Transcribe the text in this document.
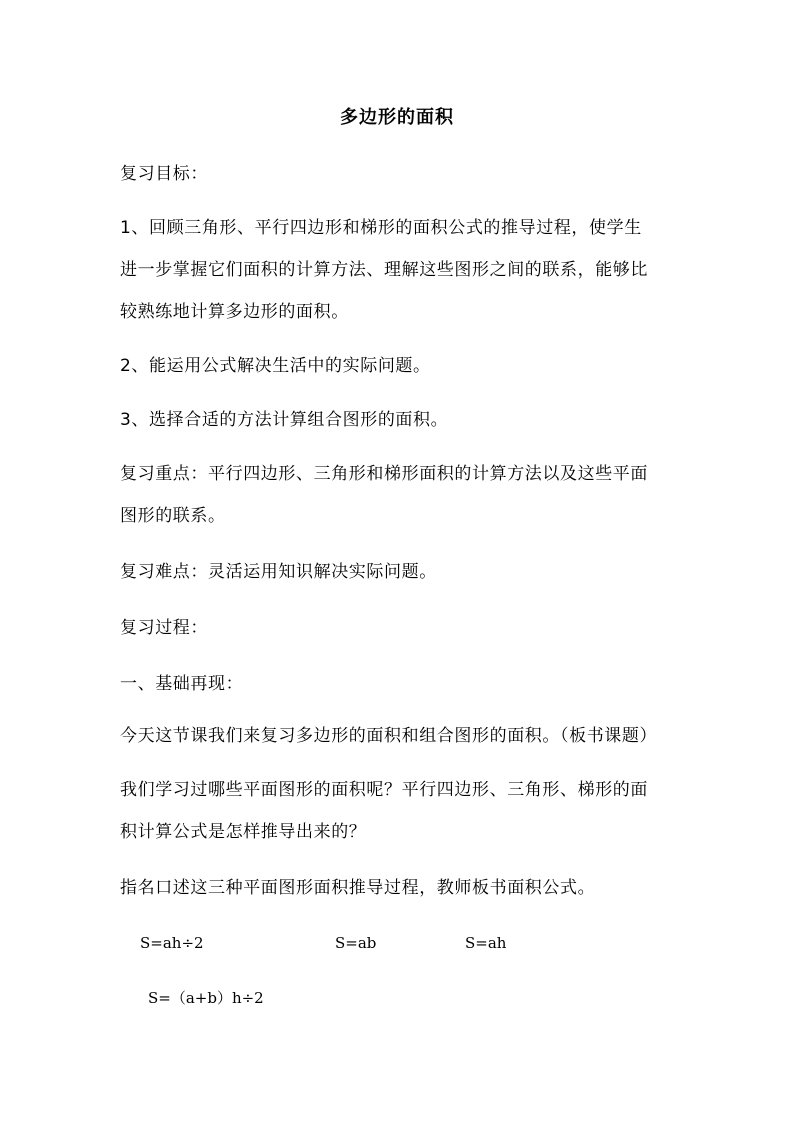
多边形的面积
复习目标：
1、回顾三角形、平行四边形和梯形的面积公式的推导过程，使学生
进一步掌握它们面积的计算方法、理解这些图形之间的联系，能够比
较熟练地计算多边形的面积。
2、能运用公式解决生活中的实际问题。
3、选择合适的方法计算组合图形的面积。
复习重点：平行四边形、三角形和梯形面积的计算方法以及这些平面
图形的联系。
复习难点：灵活运用知识解决实际问题。
复习过程：
一、基础再现：
今天这节课我们来复习多边形的面积和组合图形的面积。（板书课题）
我们学习过哪些平面图形的面积呢？平行四边形、三角形、梯形的面
积计算公式是怎样推导出来的？
指名口述这三种平面图形面积推导过程，教师板书面积公式。
S=ah÷2	S=ab	S=ah
S=（a+b）h÷2
